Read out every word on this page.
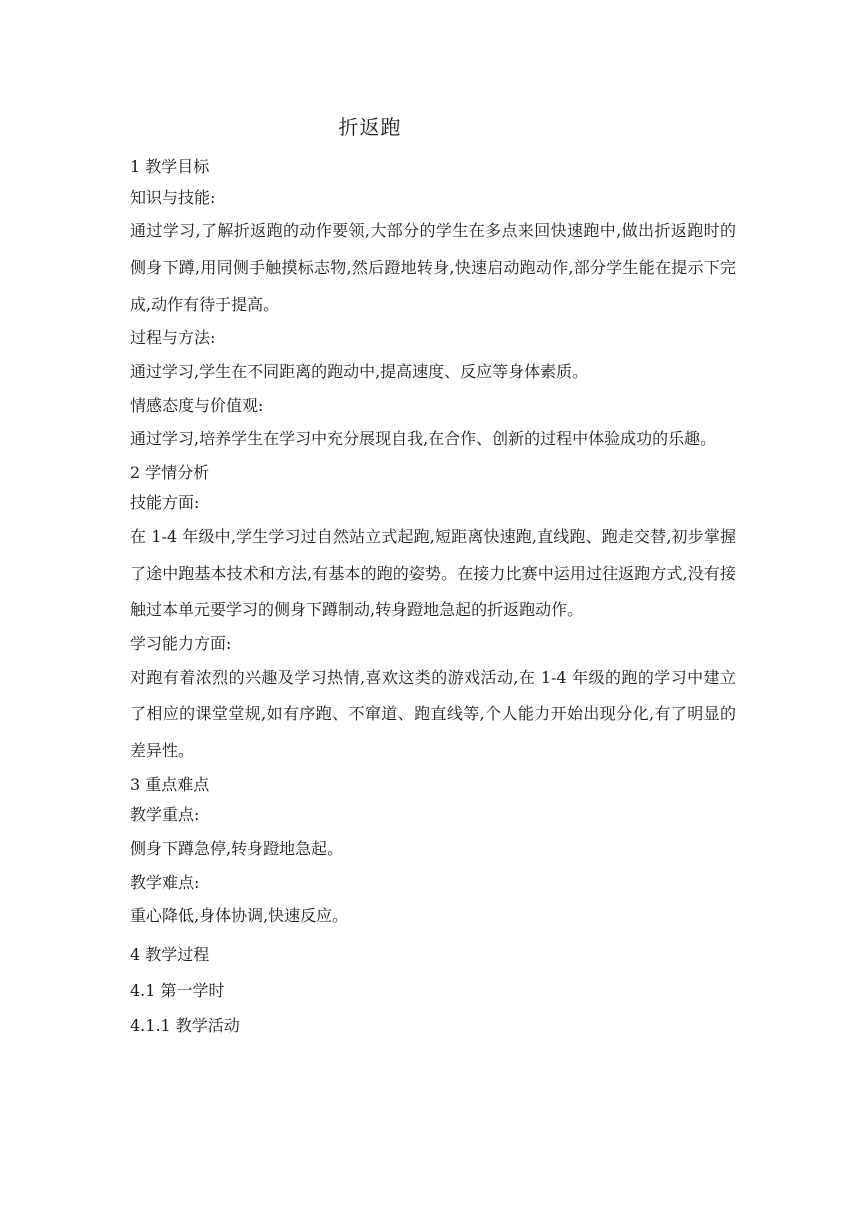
折返跑

1 教学目标

知识与技能:

通过学习,了解折返跑的动作要领,大部分的学生在多点来回快速跑中,做出折返跑时的侧身下蹲,用同侧手触摸标志物,然后蹬地转身,快速启动跑动作,部分学生能在提示下完成,动作有待于提高。

过程与方法:

通过学习,学生在不同距离的跑动中,提高速度、反应等身体素质。

情感态度与价值观:

通过学习,培养学生在学习中充分展现自我,在合作、创新的过程中体验成功的乐趣。

2 学情分析

技能方面:

在 1-4 年级中,学生学习过自然站立式起跑,短距离快速跑,直线跑、跑走交替,初步掌握了途中跑基本技术和方法,有基本的跑的姿势。在接力比赛中运用过往返跑方式,没有接触过本单元要学习的侧身下蹲制动,转身蹬地急起的折返跑动作。

学习能力方面:

对跑有着浓烈的兴趣及学习热情,喜欢这类的游戏活动,在 1-4 年级的跑的学习中建立了相应的课堂堂规,如有序跑、不窜道、跑直线等,个人能力开始出现分化,有了明显的差异性。

3 重点难点

教学重点:

侧身下蹲急停,转身蹬地急起。

教学难点:

重心降低,身体协调,快速反应。

4 教学过程

4.1 第一学时

4.1.1 教学活动
